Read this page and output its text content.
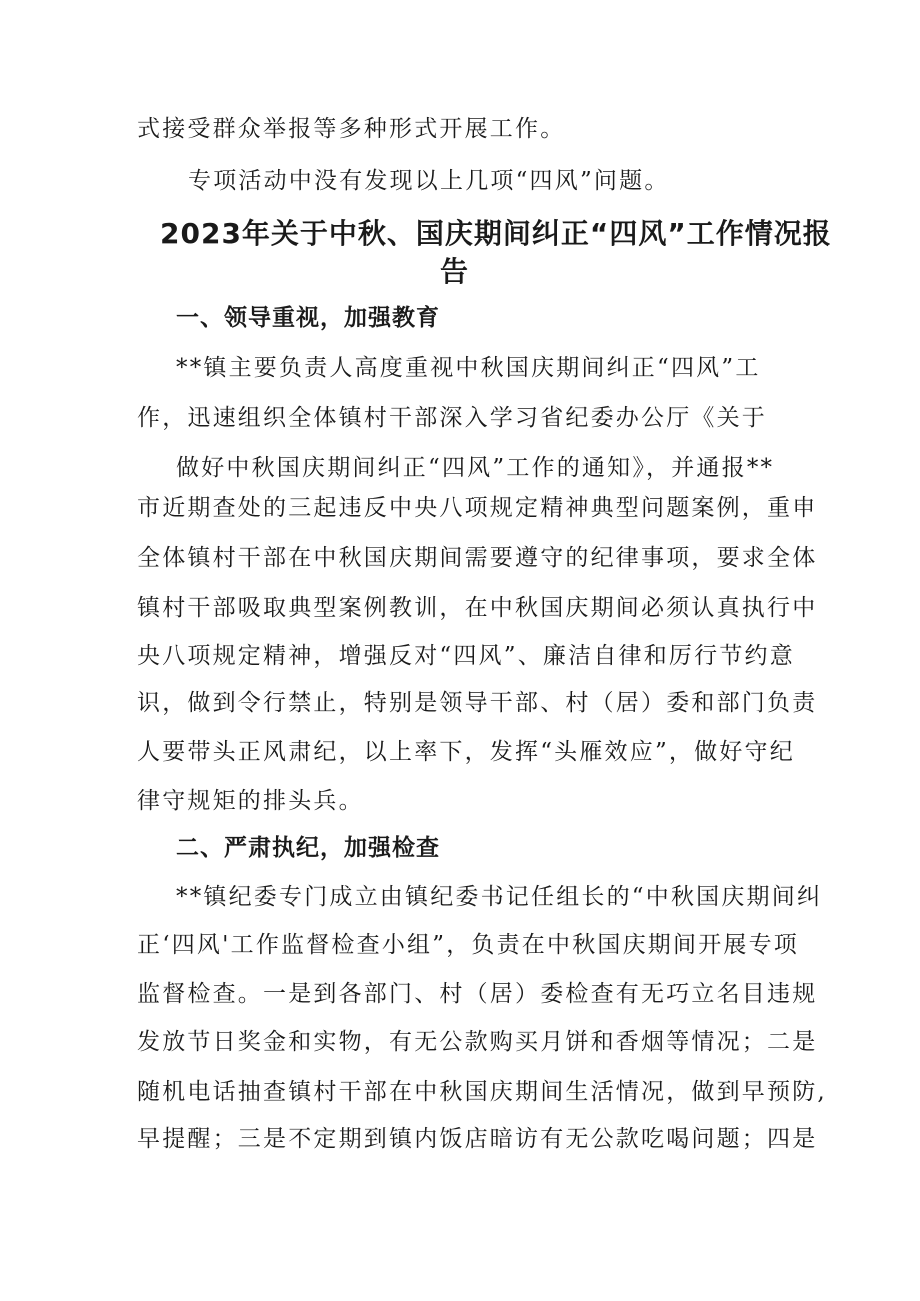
式接受群众举报等多种形式开展工作。
专项活动中没有发现以上几项“四风”问题。
2023年关于中秋、国庆期间纠正“四风”工作情况报
告
一、领导重视，加强教育
**镇主要负责人高度重视中秋国庆期间纠正“四风”工
作，迅速组织全体镇村干部深入学习省纪委办公厅《关于
做好中秋国庆期间纠正“四风”工作的通知》，并通报**
市近期查处的三起违反中央八项规定精神典型问题案例，重申
全体镇村干部在中秋国庆期间需要遵守的纪律事项，要求全体
镇村干部吸取典型案例教训，在中秋国庆期间必须认真执行中
央八项规定精神，增强反对“四风”、廉洁自律和厉行节约意
识，做到令行禁止，特别是领导干部、村（居）委和部门负责
人要带头正风肃纪，以上率下，发挥“头雁效应”，做好守纪
律守规矩的排头兵。
二、严肃执纪，加强检查
**镇纪委专门成立由镇纪委书记任组长的“中秋国庆期间纠
正‘四风'工作监督检查小组”，负责在中秋国庆期间开展专项
监督检查。一是到各部门、村（居）委检查有无巧立名目违规
发放节日奖金和实物，有无公款购买月饼和香烟等情况；二是
随机电话抽查镇村干部在中秋国庆期间生活情况，做到早预防,
早提醒；三是不定期到镇内饭店暗访有无公款吃喝问题；四是
